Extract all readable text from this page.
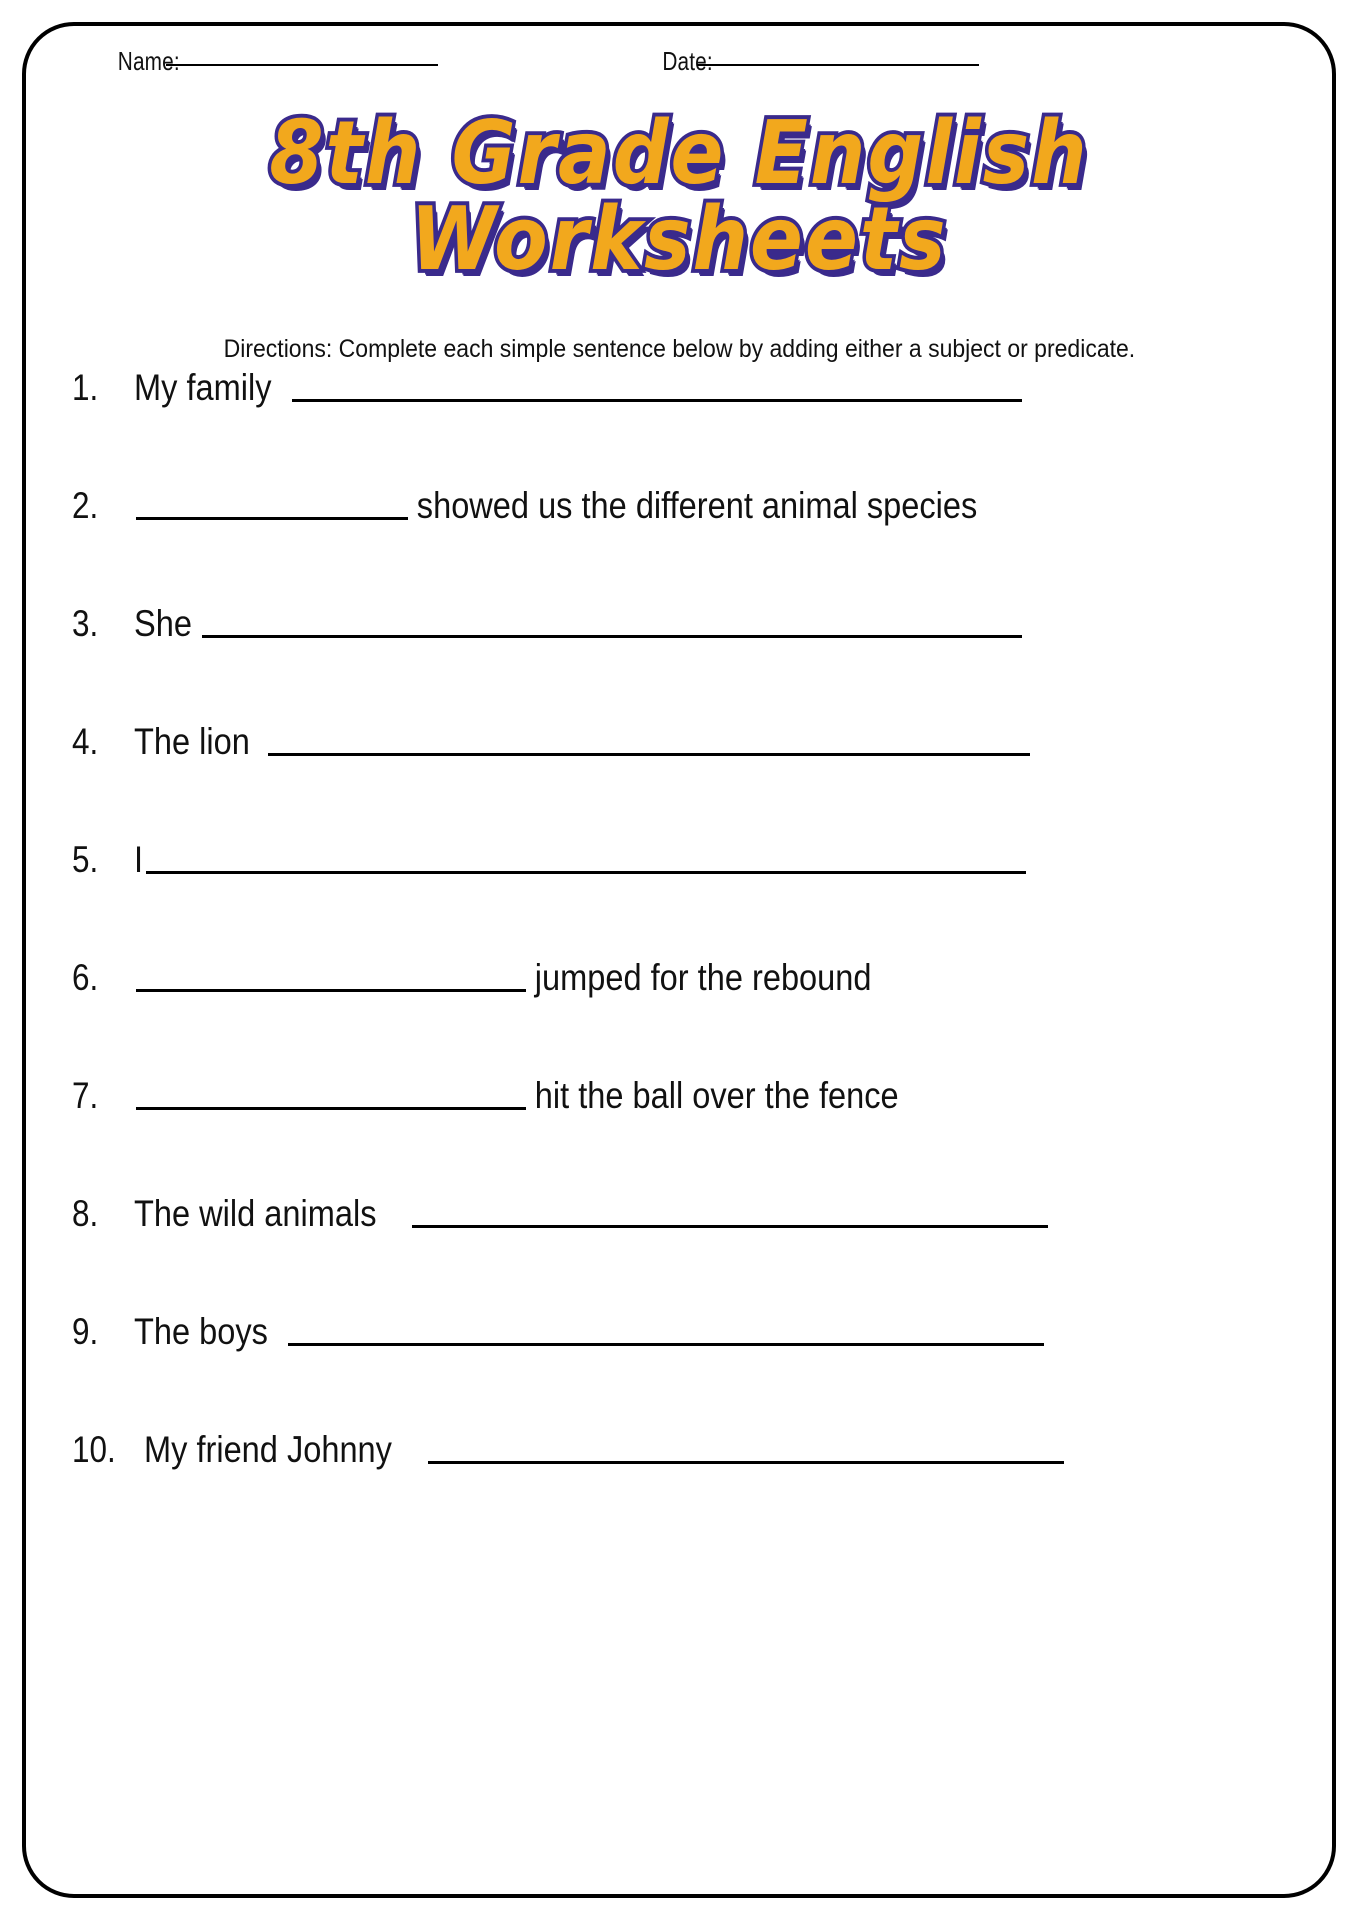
Name:	Date:
8th Grade English
Worksheets
Directions: Complete each simple sentence below by adding either a subject or predicate.
1. My family
2.	showed us the different animal species
3. She
4. The lion
5. I
6.	jumped for the rebound
7.	hit the ball over the fence
8. The wild animals
9. The boys
10. My friend Johnny
